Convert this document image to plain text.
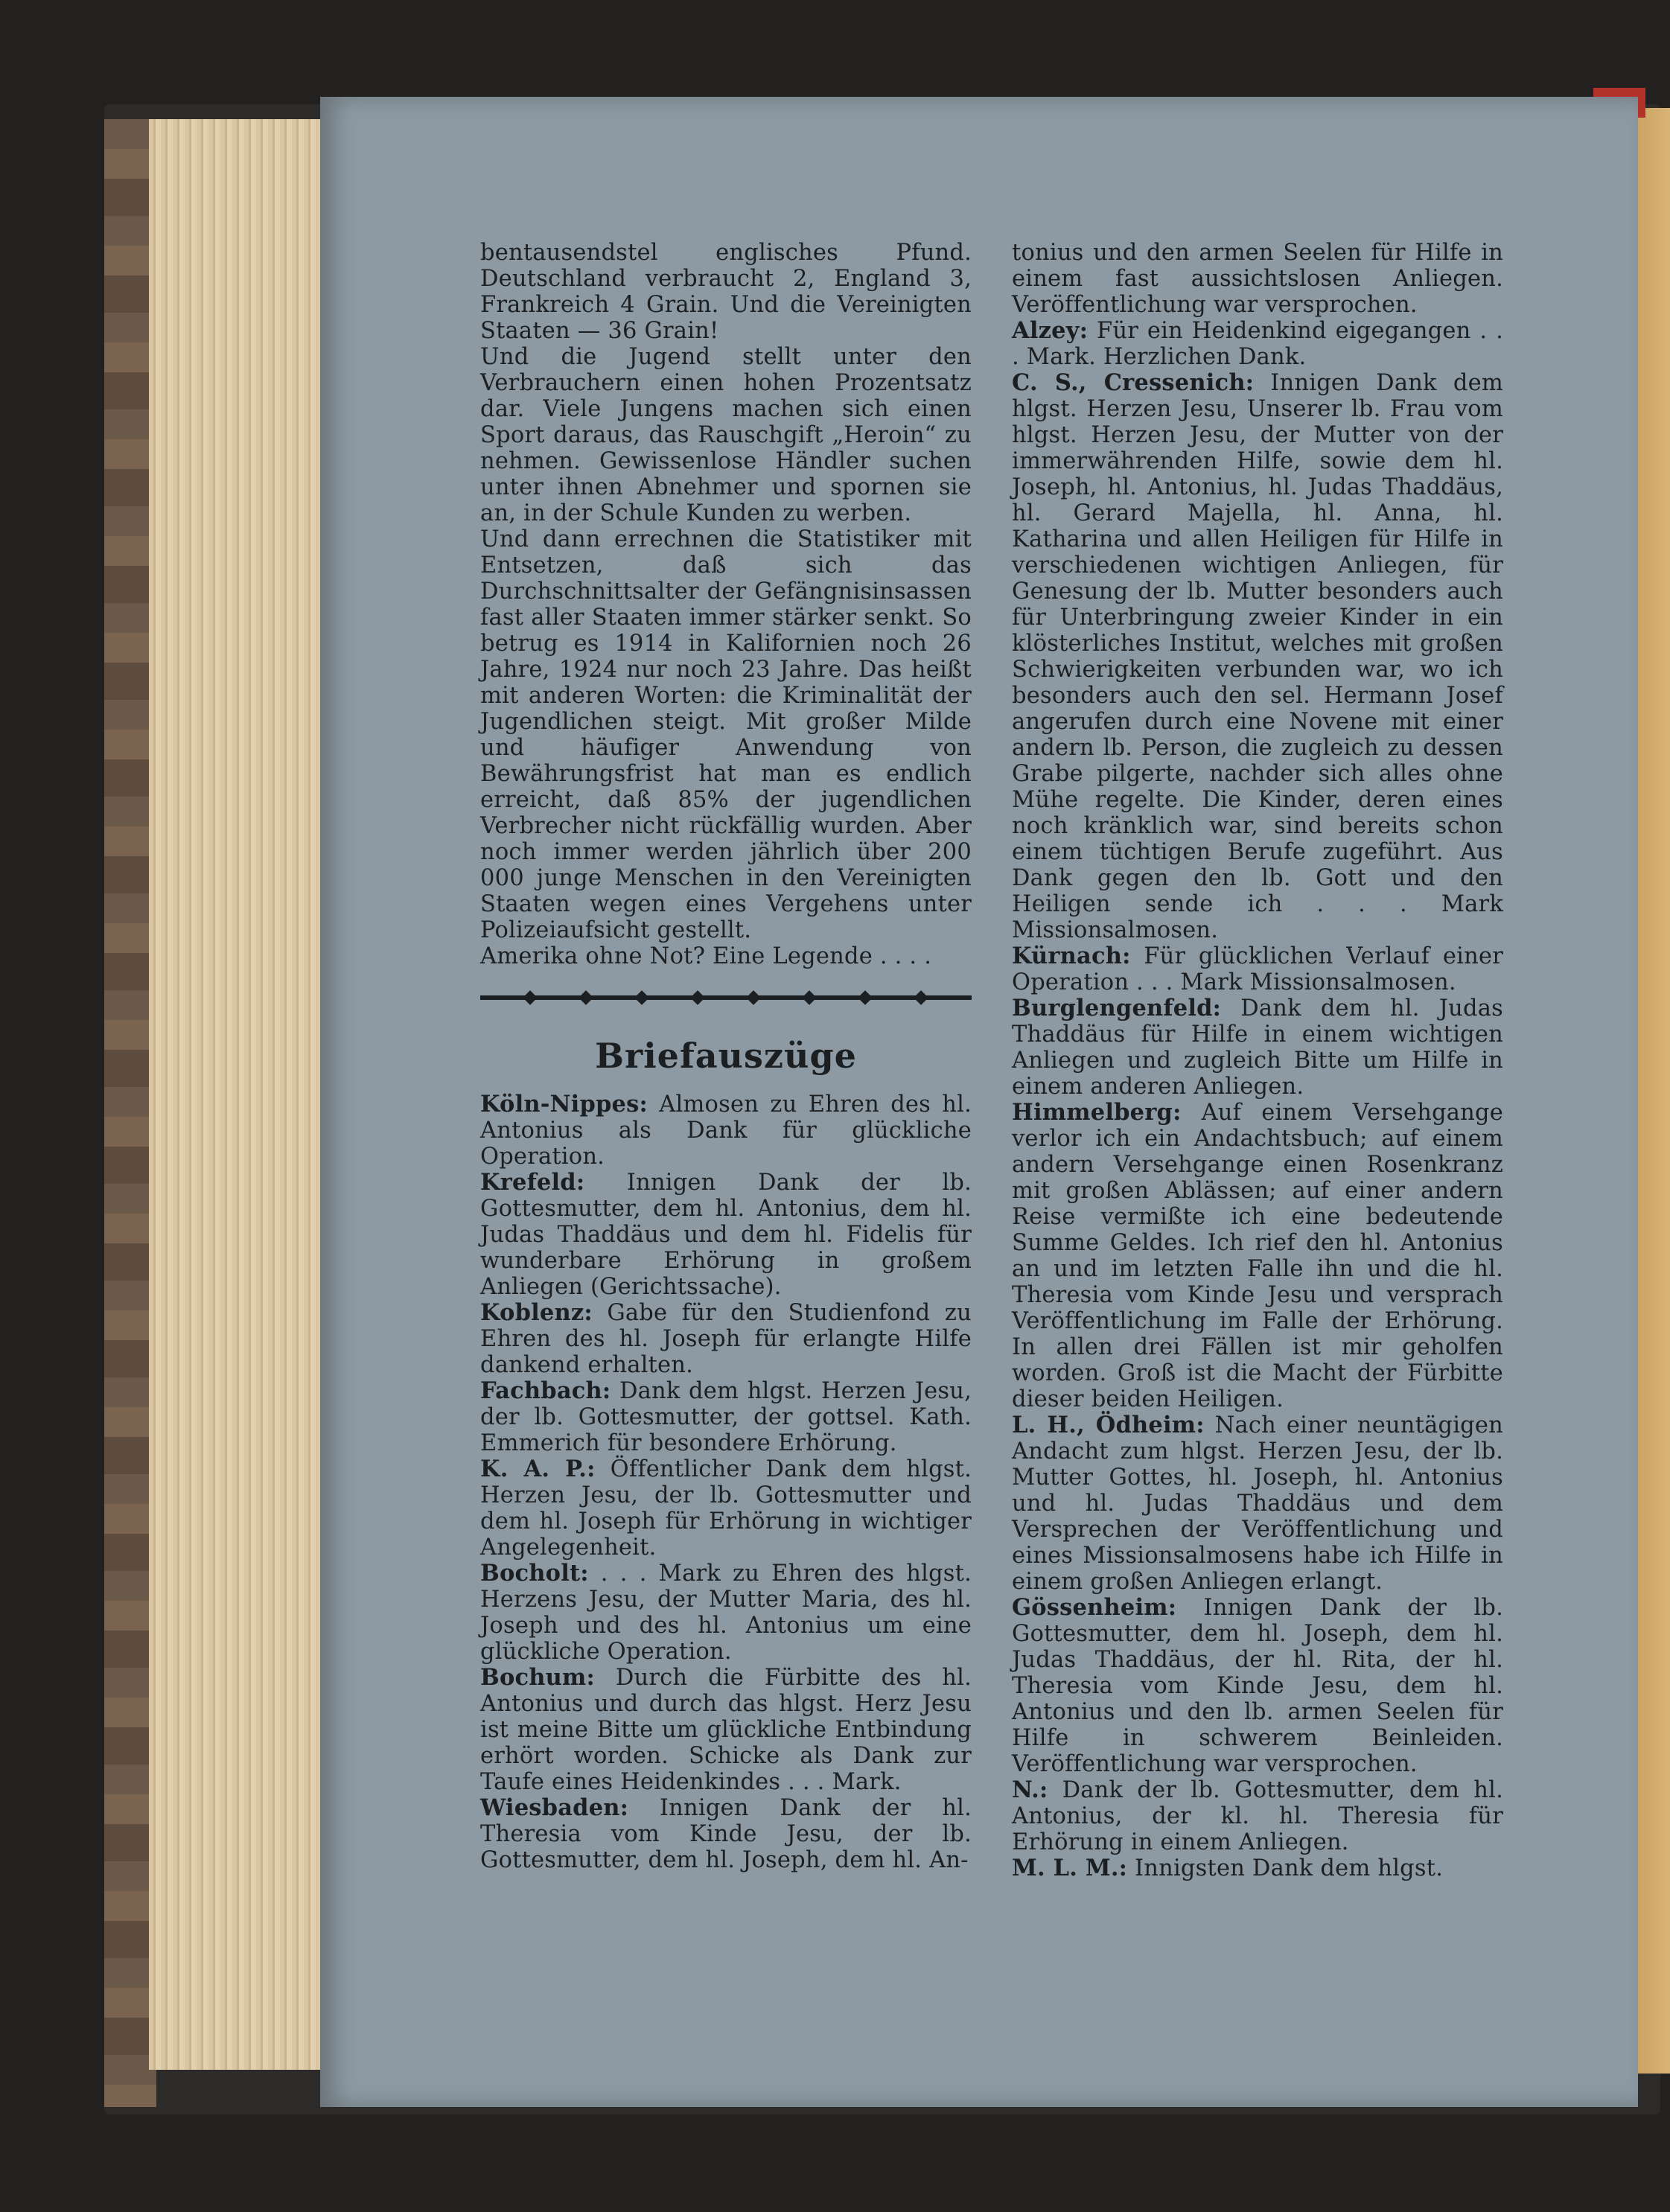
bentausendstel englisches Pfund. Deutschland verbraucht 2, England 3, Frankreich 4 Grain. Und die Vereinigten Staaten — 36 Grain!

Und die Jugend stellt unter den Verbrauchern einen hohen Prozentsatz dar. Viele Jungens machen sich einen Sport daraus, das Rauschgift „Heroin“ zu nehmen. Gewissenlose Händler suchen unter ihnen Abnehmer und spornen sie an, in der Schule Kunden zu werben.

Und dann errechnen die Statistiker mit Entsetzen, daß sich das Durchschnittsalter der Gefängnisinsassen fast aller Staaten immer stärker senkt. So betrug es 1914 in Kalifornien noch 26 Jahre, 1924 nur noch 23 Jahre. Das heißt mit anderen Worten: die Kriminalität der Jugendlichen steigt. Mit großer Milde und häufiger Anwendung von Bewährungsfrist hat man es endlich erreicht, daß 85% der jugendlichen Verbrecher nicht rückfällig wurden. Aber noch immer werden jährlich über 200 000 junge Menschen in den Vereinigten Staaten wegen eines Vergehens unter Polizeiaufsicht gestellt.

Amerika ohne Not? Eine Legende . . . .

Briefauszüge

Köln-Nippes: Almosen zu Ehren des hl. Antonius als Dank für glückliche Operation.

Krefeld: Innigen Dank der lb. Gottesmutter, dem hl. Antonius, dem hl. Judas Thaddäus und dem hl. Fidelis für wunderbare Erhörung in großem Anliegen (Gerichtssache).

Koblenz: Gabe für den Studienfond zu Ehren des hl. Joseph für erlangte Hilfe dankend erhalten.

Fachbach: Dank dem hlgst. Herzen Jesu, der lb. Gottesmutter, der gottsel. Kath. Emmerich für besondere Erhörung.

K. A. P.: Öffentlicher Dank dem hlgst. Herzen Jesu, der lb. Gottesmutter und dem hl. Joseph für Erhörung in wichtiger Angelegenheit.

Bocholt: . . . Mark zu Ehren des hlgst. Herzens Jesu, der Mutter Maria, des hl. Joseph und des hl. Antonius um eine glückliche Operation.

Bochum: Durch die Fürbitte des hl. Antonius und durch das hlgst. Herz Jesu ist meine Bitte um glückliche Entbindung erhört worden. Schicke als Dank zur Taufe eines Heidenkindes . . . Mark.

Wiesbaden: Innigen Dank der hl. Theresia vom Kinde Jesu, der lb. Gottesmutter, dem hl. Joseph, dem hl. An-

tonius und den armen Seelen für Hilfe in einem fast aussichtslosen Anliegen. Veröffentlichung war versprochen.

Alzey: Für ein Heidenkind eigegangen . . . Mark. Herzlichen Dank.

C. S., Cressenich: Innigen Dank dem hlgst. Herzen Jesu, Unserer lb. Frau vom hlgst. Herzen Jesu, der Mutter von der immerwährenden Hilfe, sowie dem hl. Joseph, hl. Antonius, hl. Judas Thaddäus, hl. Gerard Majella, hl. Anna, hl. Katharina und allen Heiligen für Hilfe in verschiedenen wichtigen Anliegen, für Genesung der lb. Mutter besonders auch für Unterbringung zweier Kinder in ein klösterliches Institut, welches mit großen Schwierigkeiten verbunden war, wo ich besonders auch den sel. Hermann Josef angerufen durch eine Novene mit einer andern lb. Person, die zugleich zu dessen Grabe pilgerte, nachder sich alles ohne Mühe regelte. Die Kinder, deren eines noch kränklich war, sind bereits schon einem tüchtigen Berufe zugeführt. Aus Dank gegen den lb. Gott und den Heiligen sende ich . . . Mark Missionsalmosen.

Kürnach: Für glücklichen Verlauf einer Operation . . . Mark Missionsalmosen.

Burglengenfeld: Dank dem hl. Judas Thaddäus für Hilfe in einem wichtigen Anliegen und zugleich Bitte um Hilfe in einem anderen Anliegen.

Himmelberg: Auf einem Versehgange verlor ich ein Andachtsbuch; auf einem andern Versehgange einen Rosenkranz mit großen Ablässen; auf einer andern Reise vermißte ich eine bedeutende Summe Geldes. Ich rief den hl. Antonius an und im letzten Falle ihn und die hl. Theresia vom Kinde Jesu und versprach Veröffentlichung im Falle der Erhörung. In allen drei Fällen ist mir geholfen worden. Groß ist die Macht der Fürbitte dieser beiden Heiligen.

L. H., Ödheim: Nach einer neuntägigen Andacht zum hlgst. Herzen Jesu, der lb. Mutter Gottes, hl. Joseph, hl. Antonius und hl. Judas Thaddäus und dem Versprechen der Veröffentlichung und eines Missionsalmosens habe ich Hilfe in einem großen Anliegen erlangt.

Gössenheim: Innigen Dank der lb. Gottesmutter, dem hl. Joseph, dem hl. Judas Thaddäus, der hl. Rita, der hl. Theresia vom Kinde Jesu, dem hl. Antonius und den lb. armen Seelen für Hilfe in schwerem Beinleiden. Veröffentlichung war versprochen.

N.: Dank der lb. Gottesmutter, dem hl. Antonius, der kl. hl. Theresia für Erhörung in einem Anliegen.

M. L. M.: Innigsten Dank dem hlgst.
